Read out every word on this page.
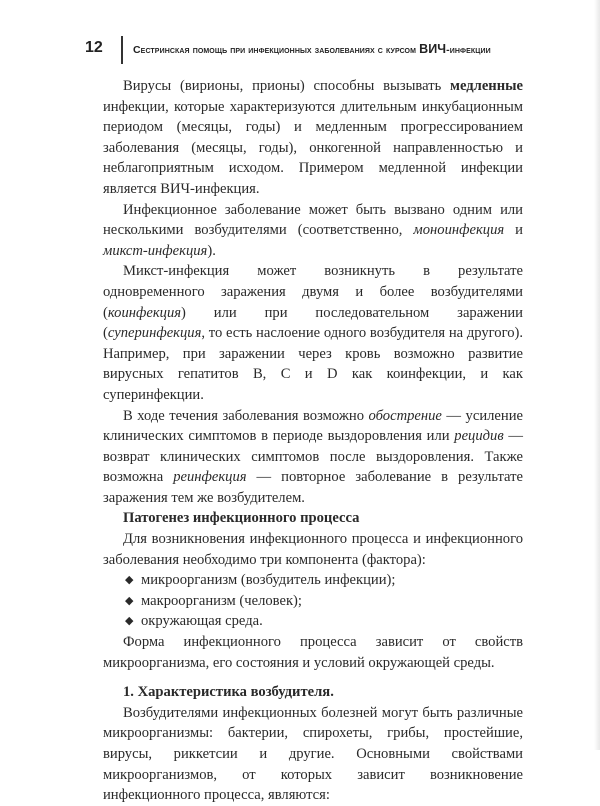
12	Сестринская помощь при инфекционных заболеваниях с курсом ВИЧ-инфекции

Вирусы (вирионы, прионы) способны вызывать медленные инфекции, которые характеризуются длительным инкубационным периодом (месяцы, годы) и медленным прогрессированием заболевания (месяцы, годы), онкогенной направленностью и неблагоприятным исходом. Примером медленной инфекции является ВИЧ-инфекция.

Инфекционное заболевание может быть вызвано одним или несколькими возбудителями (соответственно, моноинфекция и микст-инфекция).

Микст-инфекция может возникнуть в результате одновременного заражения двумя и более возбудителями (коинфекция) или при последовательном заражении (суперинфекция, то есть наслоение одного возбудителя на другого). Например, при заражении через кровь возможно развитие вирусных гепатитов B, C и D как коинфекции, и как суперинфекции.

В ходе течения заболевания возможно обострение — усиление клинических симптомов в периоде выздоровления или рецидив — возврат клинических симптомов после выздоровления. Также возможна реинфекция — повторное заболевание в результате заражения тем же возбудителем.

Патогенез инфекционного процесса

Для возникновения инфекционного процесса и инфекционного заболевания необходимо три компонента (фактора):

◆ микроорганизм (возбудитель инфекции);
◆ макроорганизм (человек);
◆ окружающая среда.

Форма инфекционного процесса зависит от свойств микроорганизма, его состояния и условий окружающей среды.

1. Характеристика возбудителя.

Возбудителями инфекционных болезней могут быть различные микроорганизмы: бактерии, спирохеты, грибы, простейшие, вирусы, риккетсии и другие. Основными свойствами микроорганизмов, от которых зависит возникновение инфекционного процесса, являются:
